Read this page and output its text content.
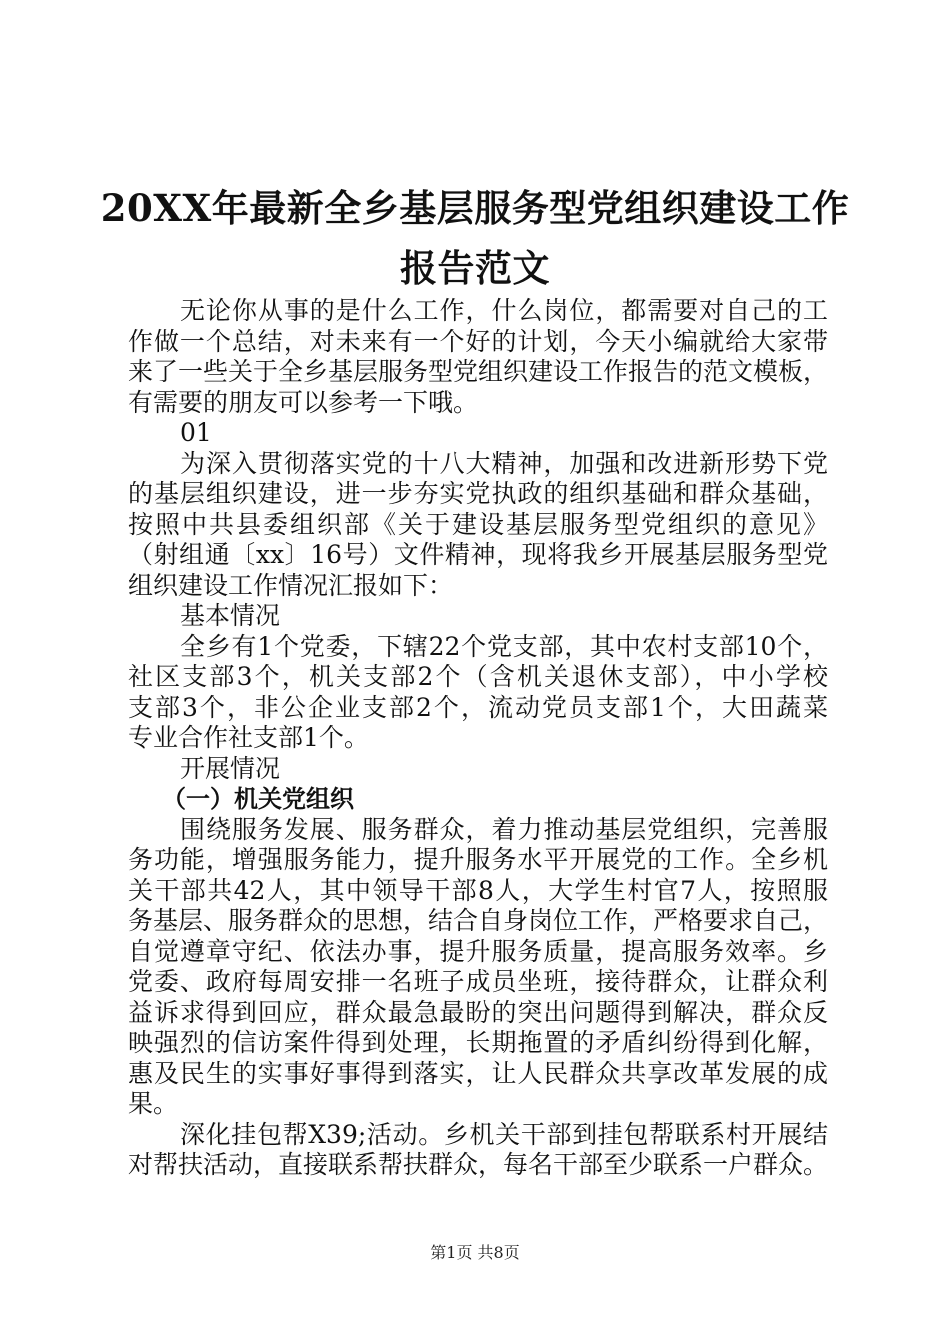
20XX年最新全乡基层服务型党组织建设工作
报告范文
无论你从事的是什么工作，什么岗位，都需要对自己的工
作做一个总结，对未来有一个好的计划，今天小编就给大家带
来了一些关于全乡基层服务型党组织建设工作报告的范文模板，
有需要的朋友可以参考一下哦。
01
为深入贯彻落实党的十八大精神，加强和改进新形势下党
的基层组织建设，进一步夯实党执政的组织基础和群众基础，
按照中共县委组织部《关于建设基层服务型党组织的意见》
（射组通〔xx〕16号）文件精神，现将我乡开展基层服务型党
组织建设工作情况汇报如下：
基本情况
全乡有1个党委，下辖22个党支部，其中农村支部10个，
社区支部3个，机关支部2个（含机关退休支部），中小学校
支部3个，非公企业支部2个，流动党员支部1个，大田蔬菜
专业合作社支部1个。
开展情况
（一）机关党组织
围绕服务发展、服务群众，着力推动基层党组织，完善服
务功能，增强服务能力，提升服务水平开展党的工作。全乡机
关干部共42人，其中领导干部8人，大学生村官7人，按照服
务基层、服务群众的思想，结合自身岗位工作，严格要求自己，
自觉遵章守纪、依法办事，提升服务质量，提高服务效率。乡
党委、政府每周安排一名班子成员坐班，接待群众，让群众利
益诉求得到回应，群众最急最盼的突出问题得到解决，群众反
映强烈的信访案件得到处理，长期拖置的矛盾纠纷得到化解，
惠及民生的实事好事得到落实，让人民群众共享改革发展的成
果。
深化挂包帮X39;活动。乡机关干部到挂包帮联系村开展结
对帮扶活动，直接联系帮扶群众，每名干部至少联系一户群众。
第1页 共8页
